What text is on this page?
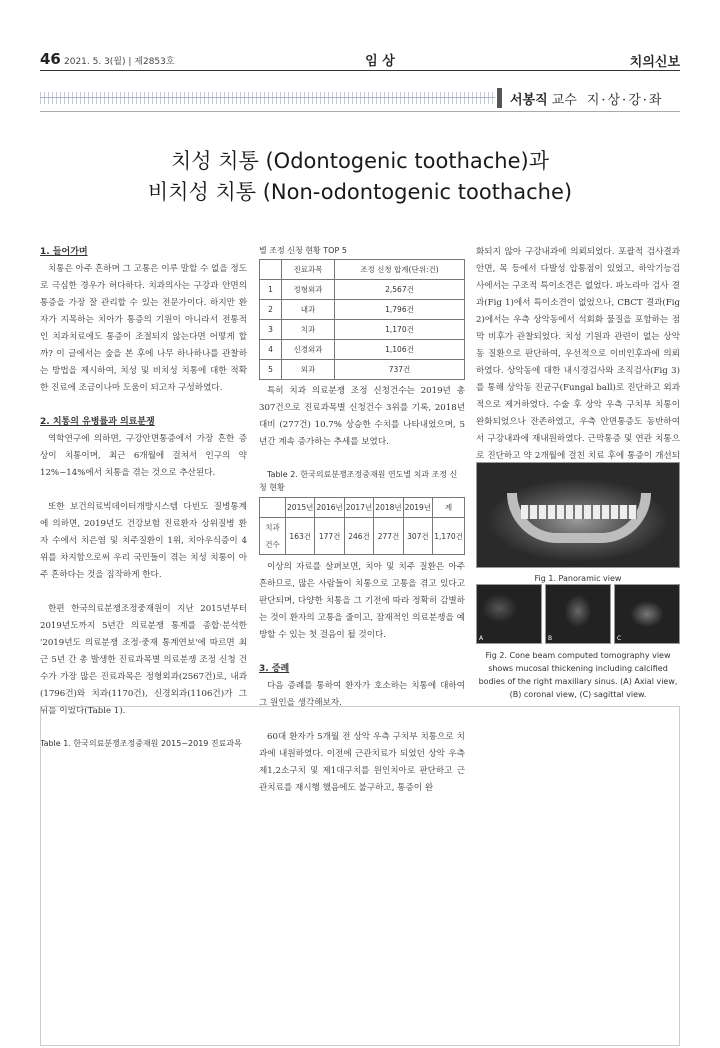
46 2021. 5. 3(월) | 제2853호	임 상	치의신보
서봉직 교수 지·상·강·좌
치성 치통 (Odontogenic toothache)과
비치성 치통 (Non-odontogenic toothache)

1. 들어가며

치통은 아주 흔하며 그 고통은 이루 말할 수 없을 정도로 극심한 경우가 허다하다. 치과의사는 구강과 안면의 통증을 가장 잘 관리할 수 있는 전문가이다. 하지만 환자가 지목하는 치아가 통증의 기원이 아니라서 전통적인 치과치료에도 통증이 조절되지 않는다면 어떻게 할까? 이 글에서는 숲을 본 후에 나무 하나하나를 관찰하는 방법을 제시하여, 치성 및 비치성 치통에 대한 적확한 진료에 조금이나마 도움이 되고자 구성하였다.

2. 치통의 유병률과 의료분쟁

역학연구에 의하면, 구강안면통증에서 가장 흔한 증상이 치통이며, 최근 6개월에 걸쳐서 인구의 약 12%~14%에서 치통을 겪는 것으로 추산된다.

또한 보건의료빅데이터개방시스템 다빈도 질병통계에 의하면, 2019년도 건강보험 진료환자 상위질병 환자 수에서 치은염 및 치주질환이 1위, 치아우식증이 4위를 차지함으로써 우리 국민들이 겪는 치성 치통이 아주 흔하다는 것을 짐작하게 한다.

한편 한국의료분쟁조정중재원이 지난 2015년부터 2019년도까지 5년간 의료분쟁 통계를 종합·분석한 '2019년도 의료분쟁 조정·중재 통계연보'에 따르면 최근 5년 간 총 발생한 진료과목별 의료분쟁 조정 신청 건수가 가장 많은 진료과목은 정형외과(2567건)로, 내과(1796건)와 치과(1170건), 신경외과(1106건)가 그 뒤를 이었다(Table 1).

Table 1. 한국의료분쟁조정중재원 2015~2019 진료과목
별 조정 신청 현황 TOP 5
	진료과목	조정 신청 합계(단위:건)
1	정형외과	2,567건
2	내과	1,796건
3	치과	1,170건
4	신경외과	1,106건
5	외과	737건

특히 치과 의료분쟁 조정 신청건수는 2019년 총 307건으로 진료과목별 신청건수 3위를 기록, 2018년 대비 (277건) 10.7% 상승한 수치를 나타내었으며, 5년간 계속 증가하는 추세를 보였다.

Table 2. 한국의료분쟁조정중재원 연도별 치과 조정 신청 현황
	2015년	2016년	2017년	2018년	2019년	계
치과 건수	163건	177건	246건	277건	307건	1,170건

이상의 자료를 살펴보면, 치아 및 치주 질환은 아주 흔하므로, 많은 사람들이 치통으로 고통을 겪고 있다고 판단되며, 다양한 치통을 그 기전에 따라 정확히 감별하는 것이 환자의 고통을 줄이고, 잠재적인 의료분쟁을 예방할 수 있는 첫 걸음이 될 것이다.

3. 증례

다음 증례를 통하여 환자가 호소하는 치통에 대하여 그 원인을 생각해보자.

60대 환자가 5개월 전 상악 우측 구치부 치통으로 치과에 내원하였다. 이전에 근관치료가 되었던 상악 우측 제1,2소구치 및 제1대구치를 원인치아로 판단하고 근관치료를 재시행 했음에도 불구하고, 통증이 완

화되지 않아 구강내과에 의뢰되었다. 포괄적 검사결과 안면, 목 등에서 다발성 압통점이 있었고, 하악기능검사에서는 구조적 특이소견은 없었다. 파노라마 검사 결과(Fig 1)에서 특이소견이 없었으나, CBCT 결과(Fig 2)에서는 우측 상악동에서 석회화 물질을 포함하는 점막 비후가 관찰되었다. 치성 기원과 관련이 없는 상악동 질환으로 판단하여, 우선적으로 이비인후과에 의뢰하였다. 상악동에 대한 내시경검사와 조직검사(Fig 3)를 통해 상악동 진균구(Fungal ball)로 진단하고 외과적으로 제거하였다. 수술 후 상악 우측 구치부 치통이 완화되었으나 잔존하였고, 우측 안면통증도 동반하여서 구강내과에 재내원하였다. 근막통증 및 연관 치통으로 진단하고 약 2개월에 걸친 치료 후에 통증이 개선되

Fig 1. Panoramic view
A	B	C
Fig 2. Cone beam computed tomography view shows mucosal thickening including calcified bodies of the right maxillary sinus. (A) Axial view, (B) coronal view, (C) sagittal view.
